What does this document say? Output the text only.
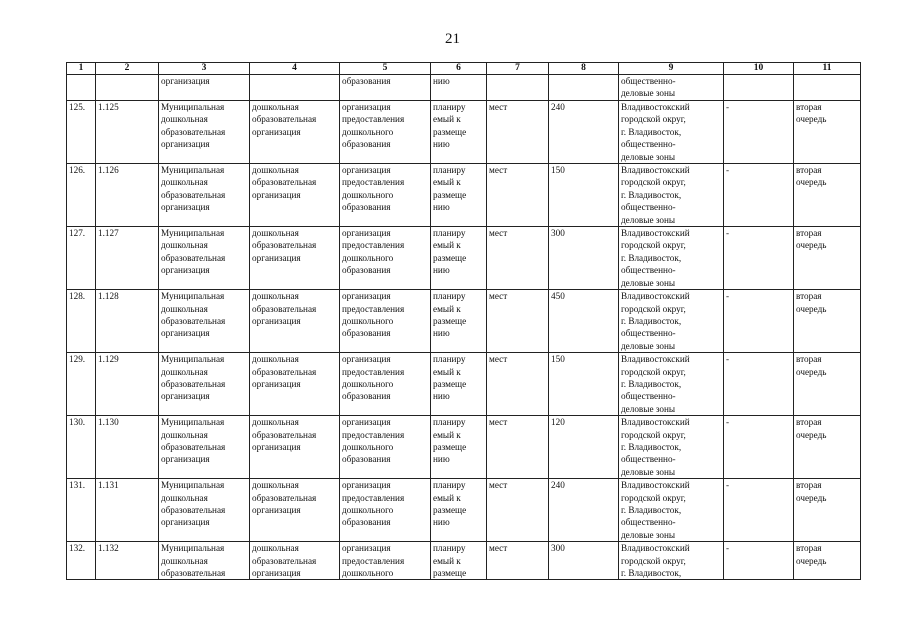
21
1	2	3	4	5	6	7	8	9	10	11
		организация		образования	нию			общественно-
деловые зоны		
125.	1.125	Муниципальная
дошкольная
образовательная
организация	дошкольная
образовательная
организация	организация
предоставления
дошкольного
образования	планиру
емый к
размеще
нию	мест	240	Владивостокский
городской округ,
г. Владивосток,
общественно-
деловые зоны	-	вторая
очередь
126.	1.126	Муниципальная
дошкольная
образовательная
организация	дошкольная
образовательная
организация	организация
предоставления
дошкольного
образования	планиру
емый к
размеще
нию	мест	150	Владивостокский
городской округ,
г. Владивосток,
общественно-
деловые зоны	-	вторая
очередь
127.	1.127	Муниципальная
дошкольная
образовательная
организация	дошкольная
образовательная
организация	организация
предоставления
дошкольного
образования	планиру
емый к
размеще
нию	мест	300	Владивостокский
городской округ,
г. Владивосток,
общественно-
деловые зоны	-	вторая
очередь
128.	1.128	Муниципальная
дошкольная
образовательная
организация	дошкольная
образовательная
организация	организация
предоставления
дошкольного
образования	планиру
емый к
размеще
нию	мест	450	Владивостокский
городской округ,
г. Владивосток,
общественно-
деловые зоны	-	вторая
очередь
129.	1.129	Муниципальная
дошкольная
образовательная
организация	дошкольная
образовательная
организация	организация
предоставления
дошкольного
образования	планиру
емый к
размеще
нию	мест	150	Владивостокский
городской округ,
г. Владивосток,
общественно-
деловые зоны	-	вторая
очередь
130.	1.130	Муниципальная
дошкольная
образовательная
организация	дошкольная
образовательная
организация	организация
предоставления
дошкольного
образования	планиру
емый к
размеще
нию	мест	120	Владивостокский
городской округ,
г. Владивосток,
общественно-
деловые зоны	-	вторая
очередь
131.	1.131	Муниципальная
дошкольная
образовательная
организация	дошкольная
образовательная
организация	организация
предоставления
дошкольного
образования	планиру
емый к
размеще
нию	мест	240	Владивостокский
городской округ,
г. Владивосток,
общественно-
деловые зоны	-	вторая
очередь
132.	1.132	Муниципальная
дошкольная
образовательная	дошкольная
образовательная
организация	организация
предоставления
дошкольного	планиру
емый к
размеще	мест	300	Владивостокский
городской округ,
г. Владивосток,	-	вторая
очередь
